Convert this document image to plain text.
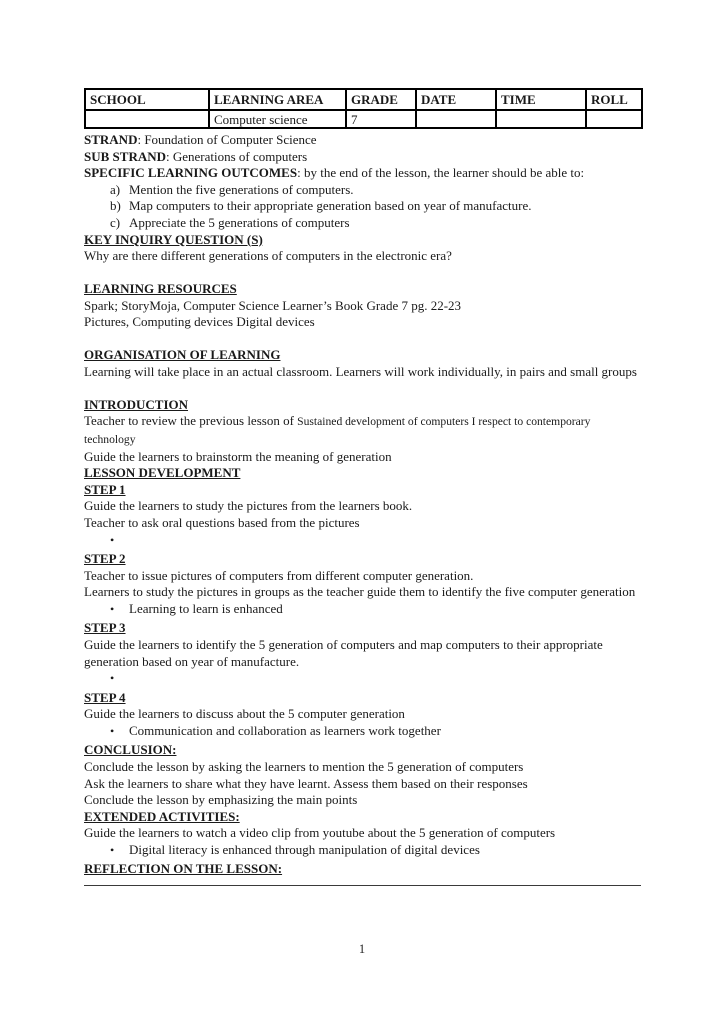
SCHOOL	LEARNING AREA	GRADE	DATE	TIME	ROLL
	Computer science	7			

STRAND: Foundation of Computer Science

SUB STRAND: Generations of computers

SPECIFIC LEARNING OUTCOMES: by the end of the lesson, the learner should be able to:

a) Mention the five generations of computers.
b) Map computers to their appropriate generation based on year of manufacture.
c) Appreciate the 5 generations of computers

KEY INQUIRY QUESTION (S)

Why are there different generations of computers in the electronic era?

LEARNING RESOURCES

Spark; StoryMoja, Computer Science Learner’s Book Grade 7 pg. 22-23

Pictures, Computing devices Digital devices

ORGANISATION OF LEARNING

Learning will take place in an actual classroom. Learners will work individually, in pairs and small groups

INTRODUCTION

Teacher to review the previous lesson of Sustained development of computers I respect to contemporary technology

Guide the learners to brainstorm the meaning of generation

LESSON DEVELOPMENT

STEP 1

Guide the learners to study the pictures from the learners book.

Teacher to ask oral questions based from the pictures

•

STEP 2

Teacher to issue pictures of computers from different computer generation.

Learners to study the pictures in groups as the teacher guide them to identify the five computer generation

•	Learning to learn is enhanced

STEP 3

Guide the learners to identify the 5 generation of computers and map computers to their appropriate generation based on year of manufacture.

•

STEP 4

Guide the learners to discuss about the 5 computer generation

•	Communication and collaboration as learners work together

CONCLUSION:

Conclude the lesson by asking the learners to mention the 5 generation of computers

Ask the learners to share what they have learnt. Assess them based on their responses

Conclude the lesson by emphasizing the main points

EXTENDED ACTIVITIES:

Guide the learners to watch a video clip from youtube about the 5 generation of computers

•	Digital literacy is enhanced through manipulation of digital devices

REFLECTION ON THE LESSON:

1
